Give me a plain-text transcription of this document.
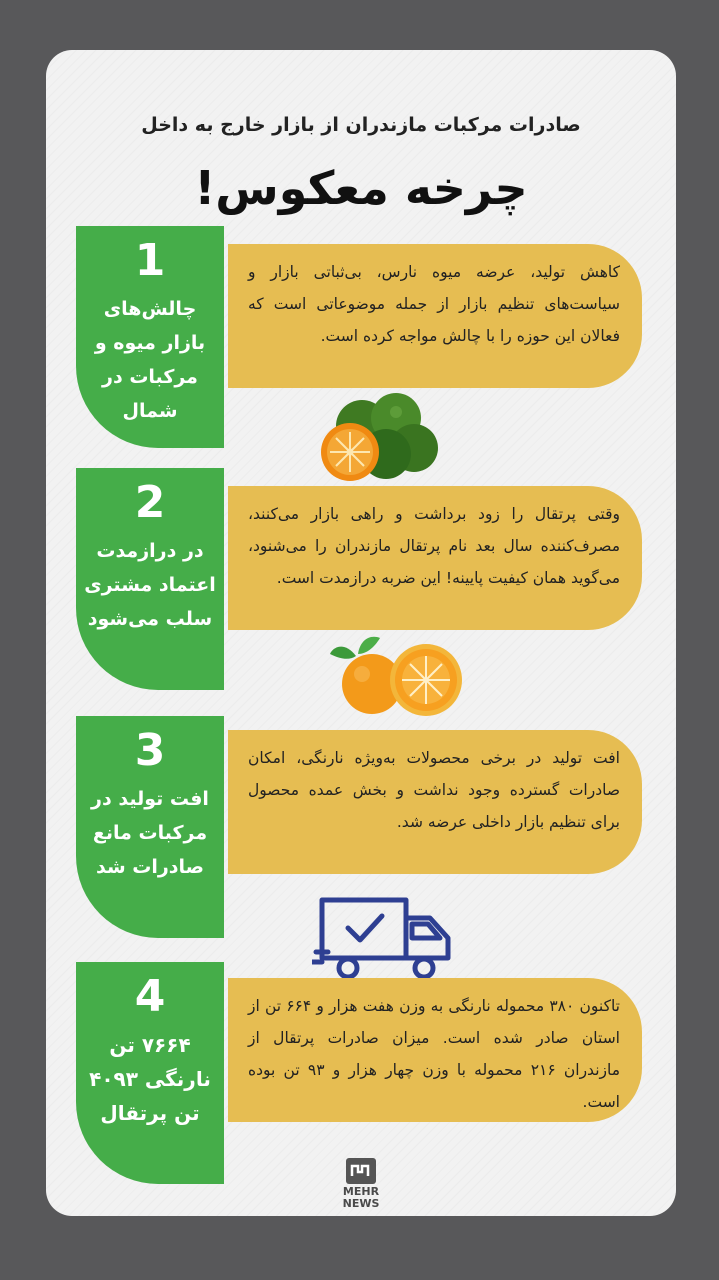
صادرات مرکبات مازندران از بازار خارج به داخل
چرخه معکوس!
1
چالش‌های بازار میوه و مرکبات در شمال
کاهش تولید، عرضه میوه نارس، بی‌ثباتی بازار و سیاست‌های تنظیم بازار از جمله موضوعاتی است که فعالان این حوزه را با چالش مواجه کرده است.
2
در درازمدت اعتماد مشتری سلب می‌شود
وقتی پرتقال را زود برداشت و راهی بازار می‌کنند، مصرف‌کننده سال بعد نام پرتقال مازندران را می‌شنود، می‌گوید همان کیفیت پایینه! این ضربه درازمدت است.
3
افت تولید در مرکبات مانع صادرات شد
افت تولید در برخی محصولات به‌ویژه نارنگی، امکان صادرات گسترده وجود نداشت و بخش عمده محصول برای تنظیم بازار داخلی عرضه شد.
4
۷۶۶۴ تن نارنگی ۴۰۹۳ تن پرتقال
تاکنون ۳۸۰ محموله نارنگی به وزن هفت هزار و ۶۶۴ تن از استان صادر شده است. میزان صادرات پرتقال از مازندران ۲۱۶ محموله با وزن چهار هزار و ۹۳ تن بوده است.
MEHR
NEWS
